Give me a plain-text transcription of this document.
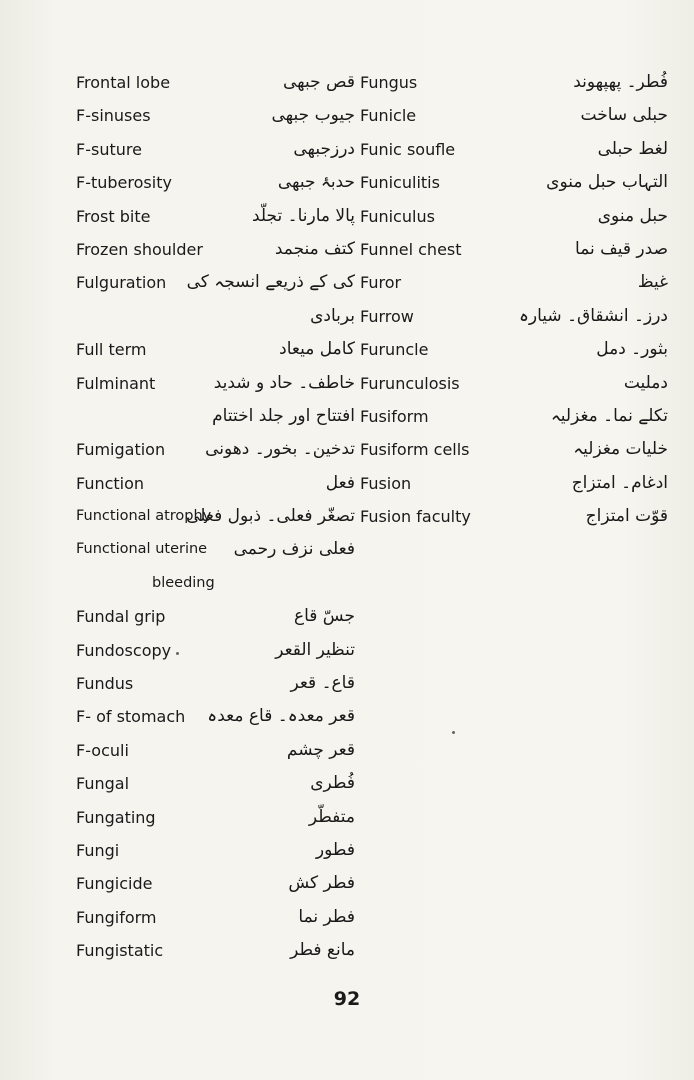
Frontal lobe	قص جبھی
F-sinuses	جیوب جبھی
F-suture	درزجبھی
F-tuberosity	حدبۂ جبھی
Frost bite	پالا مارنا۔ تجلّد
Frozen shoulder	کتف منجمد
Fulguration کی کے ذریعے انسجہ کی
بربادی
Full term	کامل میعاد
Fulminant	خاطف۔ حاد و شدید
افتتاح اور جلد اختتام
Fumigation تدخین۔ بخور۔ دھونی
Function	فعل
Functional atrophy
تصغّر فعلی۔ ذبول فعلی
Functional uterine فعلی نزف رحمی
bleeding
Fundal grip	جسّ قاع
Fundoscopy	تنظیر القعر
Fundus	قاع۔ قعر
F- of stomach قعر معدہ۔ قاع معدہ
F-oculi	قعر چشم
Fungal	فُطری
Fungating	متفطّر
Fungi	فطور
Fungicide	فطر کش
Fungiform	فطر نما
Fungistatic	مانع فطر
Fungus	فُطر۔ پھپھوند
Funicle	حبلی ساخت
Funic soufle	لغط حبلی
Funiculitis	التہاب حبل منوی
Funiculus	حبل منوی
Funnel chest	صدر قیف نما
Furor	غیظ
Furrow	درز۔ انشقاق۔ شیارہ
Furuncle	بثور۔ دمل
Furunculosis	دملیت
Fusiform	تکلے نما۔ مغزلیہ
Fusiform cells	خلیات مغزلیہ
Fusion	ادغام۔ امتزاج
Fusion faculty	قوّت امتزاج
92
